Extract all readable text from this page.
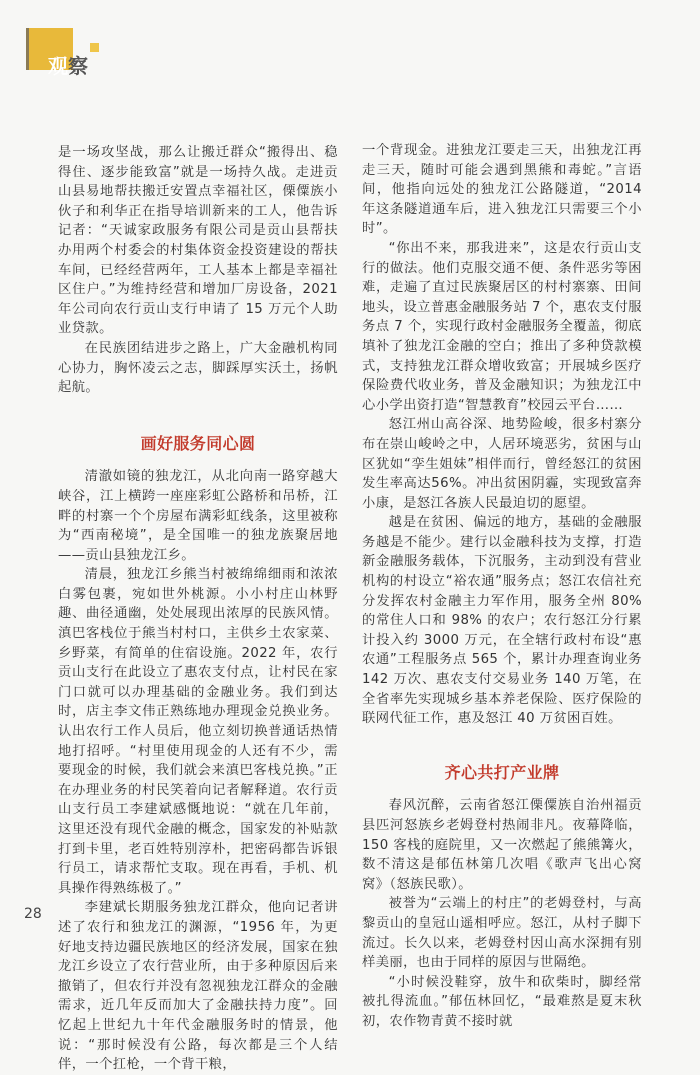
观察

是一场攻坚战，那么让搬迁群众“搬得出、稳得住、逐步能致富”就是一场持久战。走进贡山县易地帮扶搬迁安置点幸福社区，傈僳族小伙子和利华正在指导培训新来的工人，他告诉记者：“天诚家政服务有限公司是贡山县帮扶办用两个村委会的村集体资金投资建设的帮扶车间，已经经营两年，工人基本上都是幸福社区住户。”为维持经营和增加厂房设备，2021 年公司向农行贡山支行申请了 15 万元个人助业贷款。

在民族团结进步之路上，广大金融机构同心协力，胸怀凌云之志，脚踩厚实沃土，扬帆起航。

画好服务同心圆

清澈如镜的独龙江，从北向南一路穿越大峡谷，江上横跨一座座彩虹公路桥和吊桥，江畔的村寨一个个房屋布满彩虹线条，这里被称为“西南秘境”，是全国唯一的独龙族聚居地——贡山县独龙江乡。

清晨，独龙江乡熊当村被绵绵细雨和浓浓白雾包裹，宛如世外桃源。小小村庄山林野趣、曲径通幽，处处展现出浓厚的民族风情。滇巴客栈位于熊当村村口，主供乡土农家菜、乡野菜，有简单的住宿设施。2022 年，农行贡山支行在此设立了惠农支付点，让村民在家门口就可以办理基础的金融业务。我们到达时，店主李文伟正熟练地办理现金兑换业务。认出农行工作人员后，他立刻切换普通话热情地打招呼。“村里使用现金的人还有不少，需要现金的时候，我们就会来滇巴客栈兑换。”正在办理业务的村民笑着向记者解释道。农行贡山支行员工李建斌感慨地说：“就在几年前，这里还没有现代金融的概念，国家发的补贴款打到卡里，老百姓特别淳朴，把密码都告诉银行员工，请求帮忙支取。现在再看，手机、机具操作得熟练极了。”

李建斌长期服务独龙江群众，他向记者讲述了农行和独龙江的渊源，“1956 年，为更好地支持边疆民族地区的经济发展，国家在独龙江乡设立了农行营业所，由于多种原因后来撤销了，但农行并没有忽视独龙江群众的金融需求，近几年反而加大了金融扶持力度”。回忆起上世纪九十年代金融服务时的情景，他说：“那时候没有公路，每次都是三个人结伴，一个扛枪，一个背干粮，

一个背现金。进独龙江要走三天，出独龙江再走三天，随时可能会遇到黑熊和毒蛇。”言语间，他指向远处的独龙江公路隧道，“2014 年这条隧道通车后，进入独龙江只需要三个小时”。

“你出不来，那我进来”，这是农行贡山支行的做法。他们克服交通不便、条件恶劣等困难，走遍了直过民族聚居区的村村寨寨、田间地头，设立普惠金融服务站 7 个，惠农支付服务点 7 个，实现行政村金融服务全覆盖，彻底填补了独龙江金融的空白；推出了多种贷款模式，支持独龙江群众增收致富；开展城乡医疗保险费代收业务，普及金融知识；为独龙江中心小学出资打造“智慧教育”校园云平台……

怒江州山高谷深、地势险峻，很多村寨分布在崇山峻岭之中，人居环境恶劣，贫困与山区犹如“孪生姐妹”相伴而行，曾经怒江的贫困发生率高达56%。冲出贫困阴霾，实现致富奔小康，是怒江各族人民最迫切的愿望。

越是在贫困、偏远的地方，基础的金融服务越是不能少。建行以金融科技为支撑，打造新金融服务载体，下沉服务，主动到没有营业机构的村设立“裕农通”服务点；怒江农信社充分发挥农村金融主力军作用，服务全州 80% 的常住人口和 98% 的农户；农行怒江分行累计投入约 3000 万元，在全辖行政村布设“惠农通”工程服务点 565 个，累计办理查询业务 142 万次、惠农支付交易业务 140 万笔，在全省率先实现城乡基本养老保险、医疗保险的联网代征工作，惠及怒江 40 万贫困百姓。

齐心共打产业牌

春风沉醉，云南省怒江傈僳族自治州福贡县匹河怒族乡老姆登村热闹非凡。夜幕降临，150 客栈的庭院里，又一次燃起了熊熊篝火，数不清这是郁伍林第几次唱《歌声飞出心窝窝》（怒族民歌）。

被誉为“云端上的村庄”的老姆登村，与高黎贡山的皇冠山遥相呼应。怒江，从村子脚下流过。长久以来，老姆登村因山高水深拥有别样美丽，也由于同样的原因与世隔绝。

“小时候没鞋穿，放牛和砍柴时，脚经常被扎得流血。”郁伍林回忆，“最难熬是夏末秋初，农作物青黄不接时就

28
